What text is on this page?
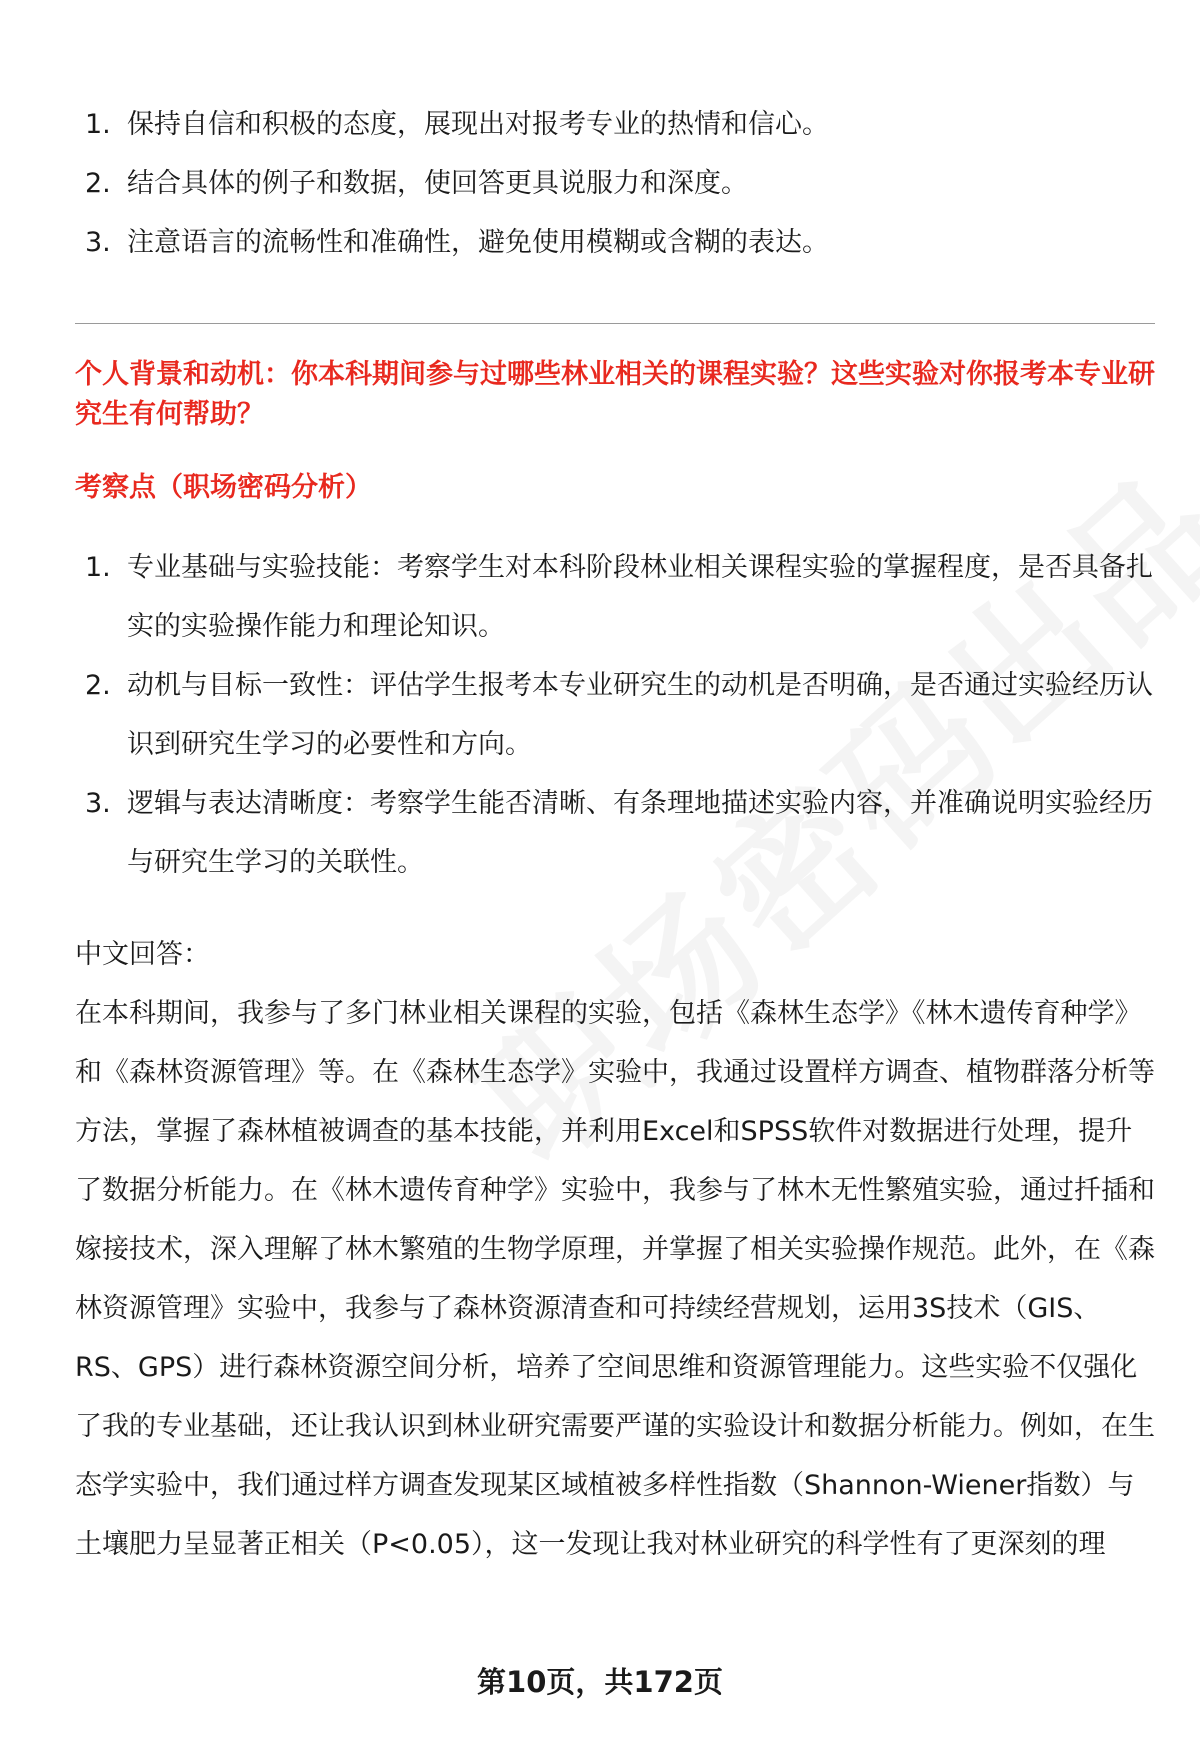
1. 保持自信和积极的态度，展现出对报考专业的热情和信心。
2. 结合具体的例子和数据，使回答更具说服力和深度。
3. 注意语言的流畅性和准确性，避免使用模糊或含糊的表达。
个人背景和动机：你本科期间参与过哪些林业相关的课程实验？这些实验对你报考本专业研究生有何帮助？
考察点（职场密码分析）
1. 专业基础与实验技能：考察学生对本科阶段林业相关课程实验的掌握程度，是否具备扎实的实验操作能力和理论知识。
2. 动机与目标一致性：评估学生报考本专业研究生的动机是否明确，是否通过实验经历认识到研究生学习的必要性和方向。
3. 逻辑与表达清晰度：考察学生能否清晰、有条理地描述实验内容，并准确说明实验经历与研究生学习的关联性。
中文回答：
在本科期间，我参与了多门林业相关课程的实验，包括《森林生态学》《林木遗传育种学》和《森林资源管理》等。在《森林生态学》实验中，我通过设置样方调查、植物群落分析等方法，掌握了森林植被调查的基本技能，并利用Excel和SPSS软件对数据进行处理，提升了数据分析能力。在《林木遗传育种学》实验中，我参与了林木无性繁殖实验，通过扦插和嫁接技术，深入理解了林木繁殖的生物学原理，并掌握了相关实验操作规范。此外，在《森林资源管理》实验中，我参与了森林资源清查和可持续经营规划，运用3S技术（GIS、RS、GPS）进行森林资源空间分析，培养了空间思维和资源管理能力。这些实验不仅强化了我的专业基础，还让我认识到林业研究需要严谨的实验设计和数据分析能力。例如，在生态学实验中，我们通过样方调查发现某区域植被多样性指数（Shannon-Wiener指数）与土壤肥力呈显著正相关（P<0.05），这一发现让我对林业研究的科学性有了更深刻的理
第10页，共172页
